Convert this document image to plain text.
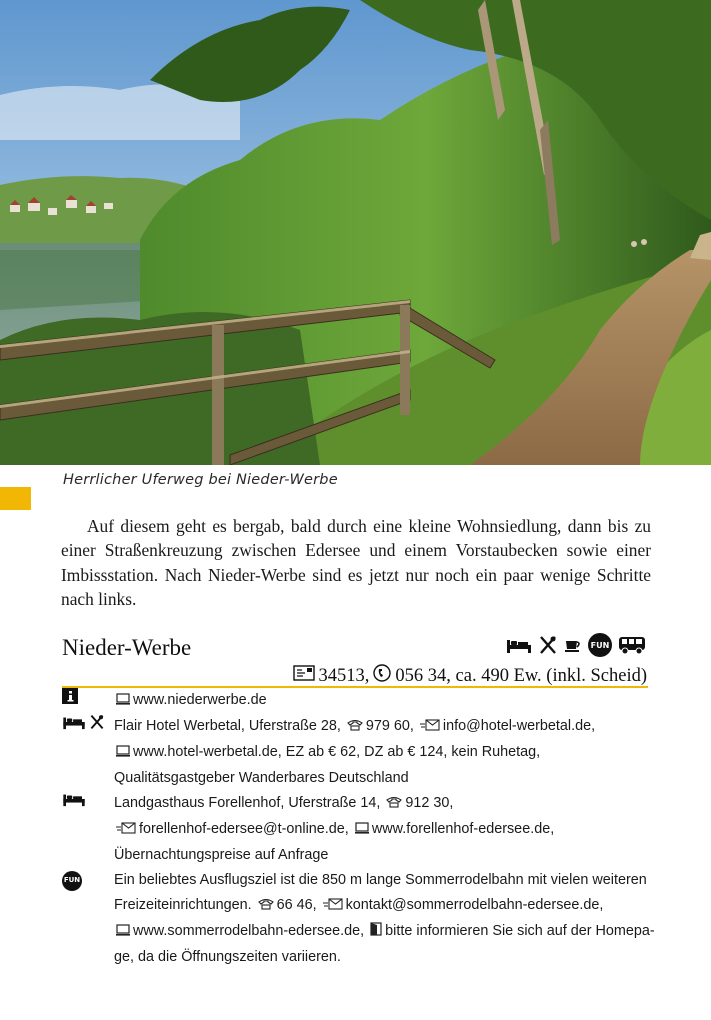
Herrlicher Uferweg bei Nieder-Werbe

Auf diesem geht es bergab, bald durch eine kleine Wohnsiedlung, dann bis zu einer Straßenkreuzung zwischen Edersee und einem Vorstaubecken sowie einer Imbissstation. Nach Nieder-Werbe sind es jetzt nur noch ein paar wenige Schritte nach links.

Nieder-Werbe	FUN
34513, 056 34, ca. 490 Ew. (inkl. Scheid)
www.niederwerbe.de
Flair Hotel Werbetal, Uferstraße 28, 979 60, info@hotel-werbetal.de,
www.hotel-werbetal.de, EZ ab € 62, DZ ab € 124, kein Ruhetag,
Qualitätsgastgeber Wanderbares Deutschland
Landgasthaus Forellenhof, Uferstraße 14, 912 30,
forellenhof-edersee@t-online.de, www.forellenhof-edersee.de,
Übernachtungspreise auf Anfrage
FUN Ein beliebtes Ausflugsziel ist die 850 m lange Sommerrodelbahn mit vielen weiteren
Freizeiteinrichtungen. 66 46, kontakt@sommerrodelbahn-edersee.de,
www.sommerrodelbahn-edersee.de, bitte informieren Sie sich auf der Homepa-
ge, da die Öffnungszeiten variieren.
